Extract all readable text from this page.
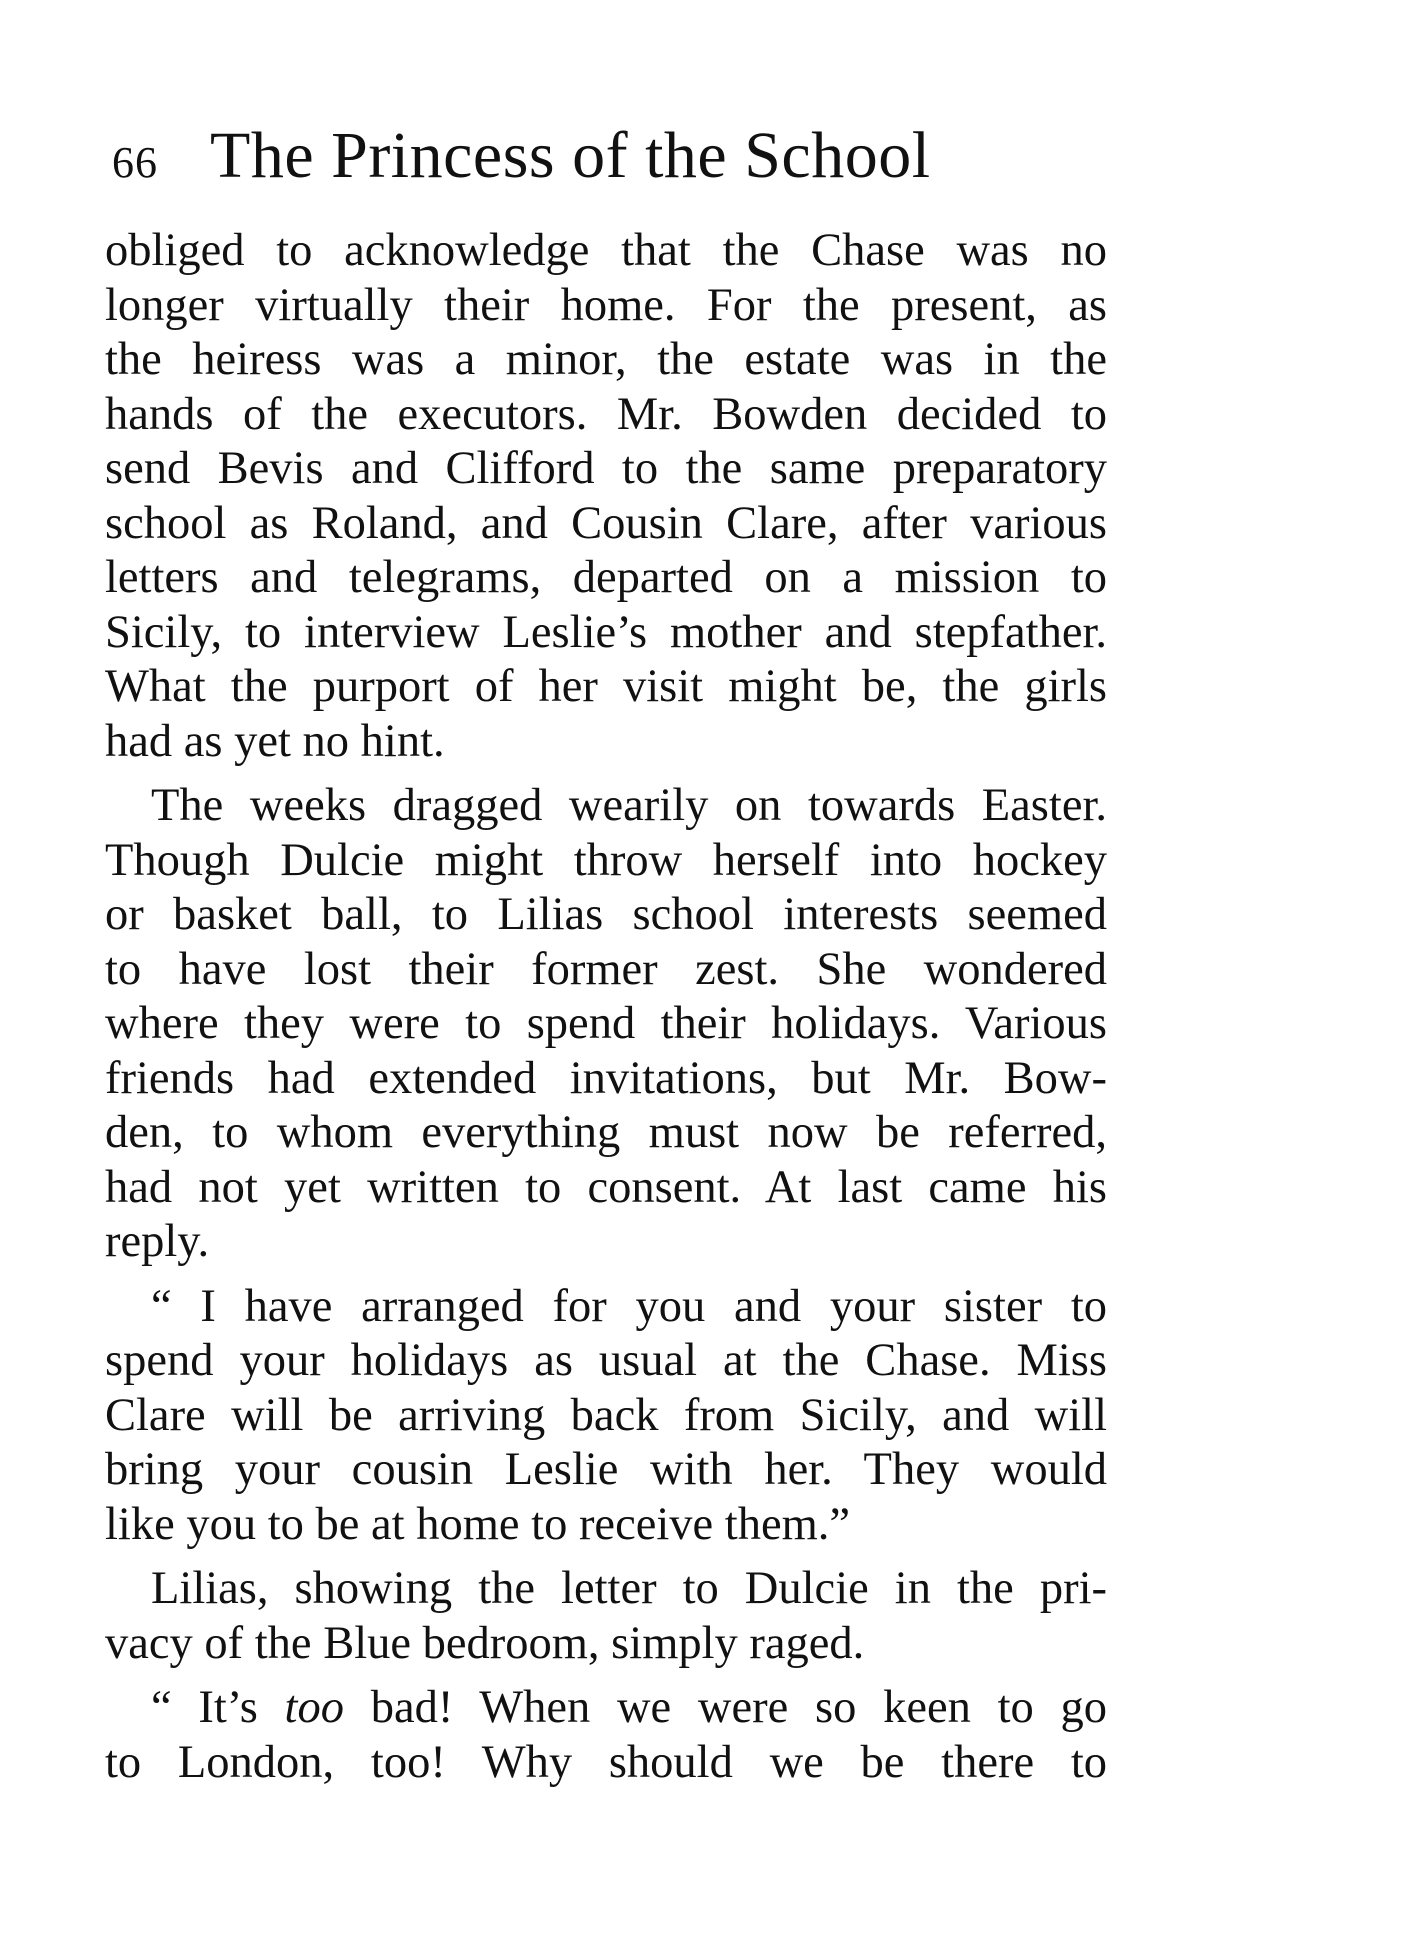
66 The Princess of the School

obliged to acknowledge that the Chase was no
longer virtually their home. For the present, as
the heiress was a minor, the estate was in the
hands of the executors. Mr. Bowden decided to
send Bevis and Clifford to the same preparatory
school as Roland, and Cousin Clare, after various
letters and telegrams, departed on a mission to
Sicily, to interview Leslie’s mother and stepfather.
What the purport of her visit might be, the girls
had as yet no hint.

The weeks dragged wearily on towards Easter.
Though Dulcie might throw herself into hockey
or basket ball, to Lilias school interests seemed
to have lost their former zest. She wondered
where they were to spend their holidays. Various
friends had extended invitations, but Mr. Bow-
den, to whom everything must now be referred,
had not yet written to consent. At last came his
reply.

“ I have arranged for you and your sister to
spend your holidays as usual at the Chase. Miss
Clare will be arriving back from Sicily, and will
bring your cousin Leslie with her. They would
like you to be at home to receive them.”

Lilias, showing the letter to Dulcie in the pri-
vacy of the Blue bedroom, simply raged.

“ It’s too bad! When we were so keen to go
to London, too! Why should we be there to
